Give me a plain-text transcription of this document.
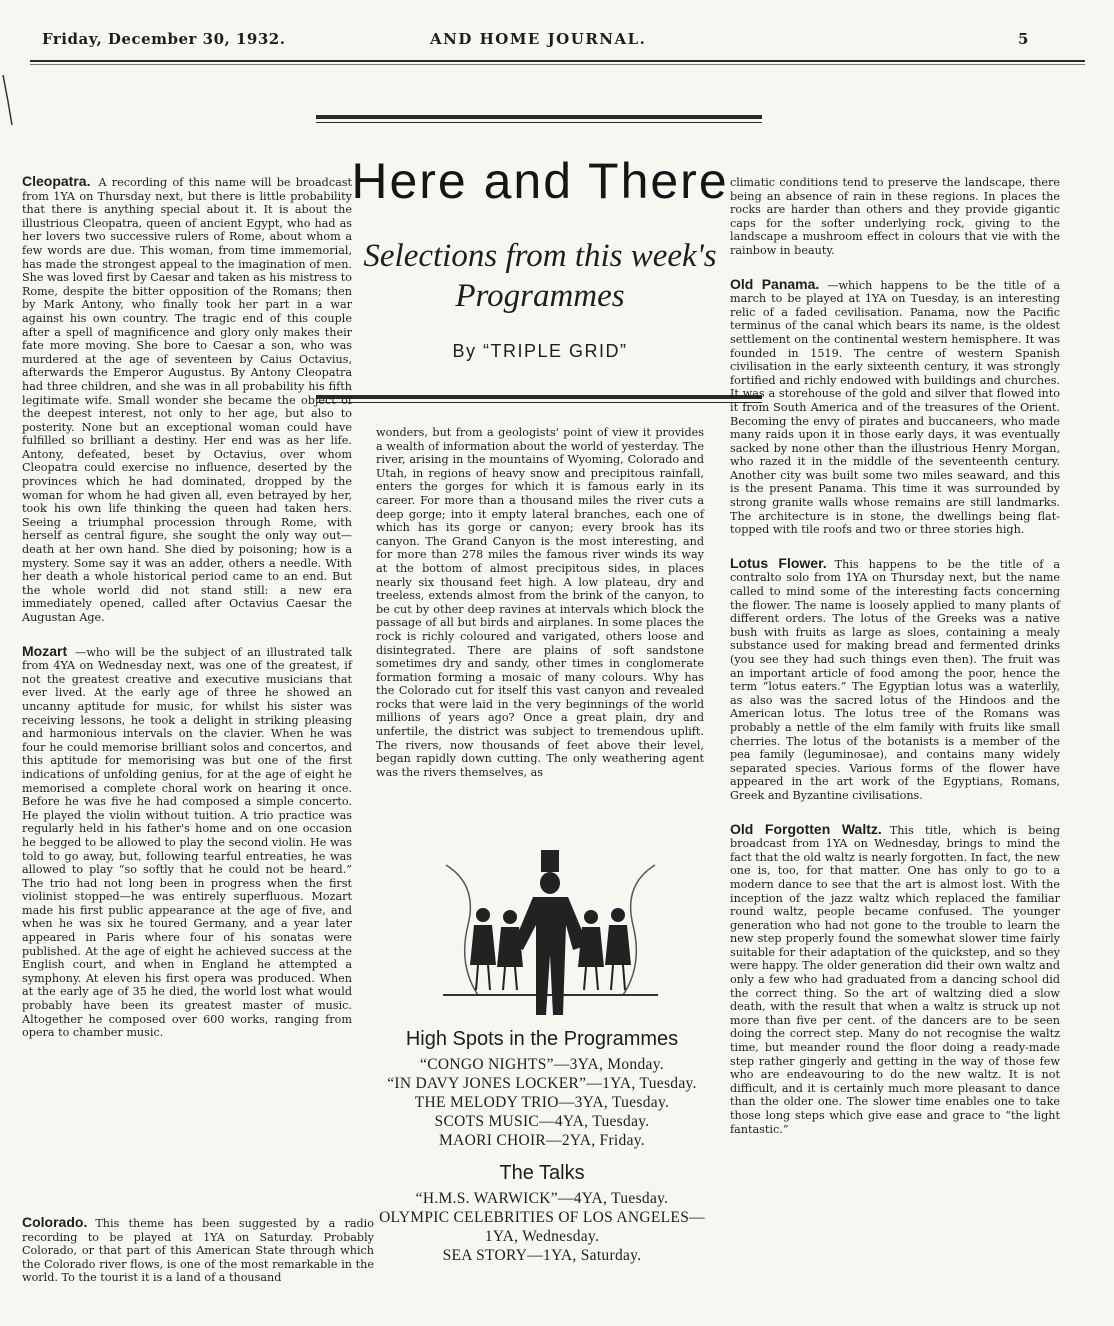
Friday, December 30, 1932.	AND HOME JOURNAL.	5
Here and There
Selections from this week's Programmes
By “TRIPLE GRID”

Cleopatra. A recording of this name will be broadcast from 1YA on Thursday next, but there is little probability that there is anything special about it. It is about the illustrious Cleopatra, queen of ancient Egypt, who had as her lovers two successive rulers of Rome, about whom a few words are due. This woman, from time immemorial, has made the strongest appeal to the imagination of men. She was loved first by Caesar and taken as his mistress to Rome, despite the bitter opposition of the Romans; then by Mark Antony, who finally took her part in a war against his own country. The tragic end of this couple after a spell of magnificence and glory only makes their fate more moving. She bore to Caesar a son, who was murdered at the age of seventeen by Caius Octavius, afterwards the Emperor Augustus. By Antony Cleopatra had three children, and she was in all probability his fifth legitimate wife. Small wonder she became the object of the deepest interest, not only to her age, but also to posterity. None but an exceptional woman could have fulfilled so brilliant a destiny. Her end was as her life. Antony, defeated, beset by Octavius, over whom Cleopatra could exercise no influence, deserted by the provinces which he had dominated, dropped by the woman for whom he had given all, even betrayed by her, took his own life thinking the queen had taken hers. Seeing a triumphal procession through Rome, with herself as central figure, she sought the only way out—death at her own hand. She died by poisoning; how is a mystery. Some say it was an adder, others a needle. With her death a whole historical period came to an end. But the whole world did not stand still: a new era immediately opened, called after Octavius Caesar the Augustan Age.

Mozart —who will be the subject of an illustrated talk from 4YA on Wednesday next, was one of the greatest, if not the greatest creative and executive musicians that ever lived. At the early age of three he showed an uncanny aptitude for music, for whilst his sister was receiving lessons, he took a delight in striking pleasing and harmonious intervals on the clavier. When he was four he could memorise brilliant solos and concertos, and this aptitude for memorising was but one of the first indications of unfolding genius, for at the age of eight he memorised a complete choral work on hearing it once. Before he was five he had composed a simple concerto. He played the violin without tuition. A trio practice was regularly held in his father's home and on one occasion he begged to be allowed to play the second violin. He was told to go away, but, following tearful entreaties, he was allowed to play “so softly that he could not be heard.” The trio had not long been in progress when the first violinist stopped—he was entirely superfluous. Mozart made his first public appearance at the age of five, and when he was six he toured Germany, and a year later appeared in Paris where four of his sonatas were published. At the age of eight he achieved success at the English court, and when in England he attempted a symphony. At eleven his first opera was produced. When at the early age of 35 he died, the world lost what would probably have been its greatest master of music. Altogether he composed over 600 works, ranging from opera to chamber music.

Colorado. This theme has been suggested by a radio recording to be played at 1YA on Saturday. Probably Colorado, or that part of this American State through which the Colorado river flows, is one of the most remarkable in the world. To the tourist it is a land of a thousand

wonders, but from a geologists' point of view it provides a wealth of information about the world of yesterday. The river, arising in the mountains of Wyoming, Colorado and Utah, in regions of heavy snow and precipitous rainfall, enters the gorges for which it is famous early in its career. For more than a thousand miles the river cuts a deep gorge; into it empty lateral branches, each one of which has its gorge or canyon; every brook has its canyon. The Grand Canyon is the most interesting, and for more than 278 miles the famous river winds its way at the bottom of almost precipitous sides, in places nearly six thousand feet high. A low plateau, dry and treeless, extends almost from the brink of the canyon, to be cut by other deep ravines at intervals which block the passage of all but birds and airplanes. In some places the rock is richly coloured and varigated, others loose and disintegrated. There are plains of soft sandstone sometimes dry and sandy, other times in conglomerate formation forming a mosaic of many colours. Why has the Colorado cut for itself this vast canyon and revealed rocks that were laid in the very beginnings of the world millions of years ago? Once a great plain, dry and unfertile, the district was subject to tremendous uplift. The rivers, now thousands of feet above their level, began rapidly down cutting. The only weathering agent was the rivers themselves, as

High Spots in the Programmes
“CONGO NIGHTS”—3YA, Monday.
“IN DAVY JONES LOCKER”—1YA, Tuesday.
THE MELODY TRIO—3YA, Tuesday.
SCOTS MUSIC—4YA, Tuesday.
MAORI CHOIR—2YA, Friday.
The Talks
“H.M.S. WARWICK”—4YA, Tuesday.
OLYMPIC CELEBRITIES OF LOS ANGELES—1YA, Wednesday.
SEA STORY—1YA, Saturday.

climatic conditions tend to preserve the landscape, there being an absence of rain in these regions. In places the rocks are harder than others and they provide gigantic caps for the softer underlying rock, giving to the landscape a mushroom effect in colours that vie with the rainbow in beauty.

Old Panama. —which happens to be the title of a march to be played at 1YA on Tuesday, is an interesting relic of a faded cevilisation. Panama, now the Pacific terminus of the canal which bears its name, is the oldest settlement on the continental western hemisphere. It was founded in 1519. The centre of western Spanish civilisation in the early sixteenth century, it was strongly fortified and richly endowed with buildings and churches. It was a storehouse of the gold and silver that flowed into it from South America and of the treasures of the Orient. Becoming the envy of pirates and buccaneers, who made many raids upon it in those early days, it was eventually sacked by none other than the illustrious Henry Morgan, who razed it in the middle of the seventeenth century. Another city was built some two miles seaward, and this is the present Panama. This time it was surrounded by strong granite walls whose remains are still landmarks. The architecture is in stone, the dwellings being flat-topped with tile roofs and two or three stories high.

Lotus Flower. This happens to be the title of a contralto solo from 1YA on Thursday next, but the name called to mind some of the interesting facts concerning the flower. The name is loosely applied to many plants of different orders. The lotus of the Greeks was a native bush with fruits as large as sloes, containing a mealy substance used for making bread and fermented drinks (you see they had such things even then). The fruit was an important article of food among the poor, hence the term “lotus eaters.” The Egyptian lotus was a waterlily, as also was the sacred lotus of the Hindoos and the American lotus. The lotus tree of the Romans was probably a nettle of the elm family with fruits like small cherries. The lotus of the botanists is a member of the pea family (leguminosae), and contains many widely separated species. Various forms of the flower have appeared in the art work of the Egyptians, Romans, Greek and Byzantine civilisations.

Old Forgotten Waltz. This title, which is being broadcast from 1YA on Wednesday, brings to mind the fact that the old waltz is nearly forgotten. In fact, the new one is, too, for that matter. One has only to go to a modern dance to see that the art is almost lost. With the inception of the jazz waltz which replaced the familiar round waltz, people became confused. The younger generation who had not gone to the trouble to learn the new step properly found the somewhat slower time fairly suitable for their adaptation of the quickstep, and so they were happy. The older generation did their own waltz and only a few who had graduated from a dancing school did the correct thing. So the art of waltzing died a slow death, with the result that when a waltz is struck up not more than five per cent. of the dancers are to be seen doing the correct step. Many do not recognise the waltz time, but meander round the floor doing a ready-made step rather gingerly and getting in the way of those few who are endeavouring to do the new waltz. It is not difficult, and it is certainly much more pleasant to dance than the older one. The slower time enables one to take those long steps which give ease and grace to “the light fantastic.”
